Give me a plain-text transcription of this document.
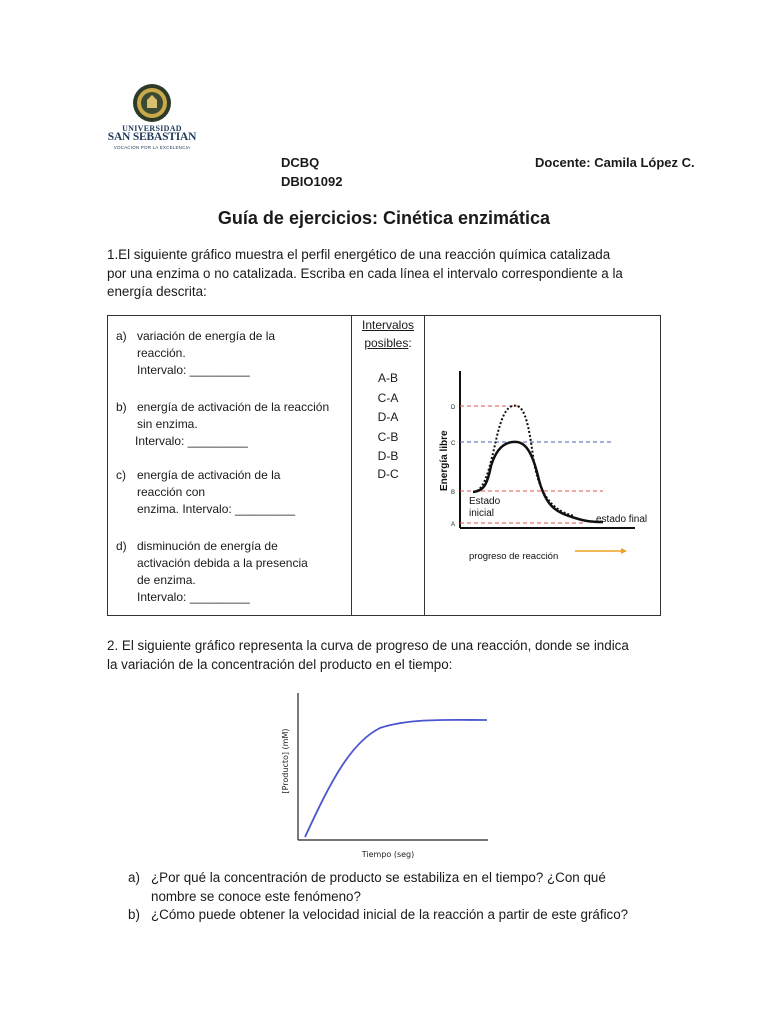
UNIVERSIDAD
SAN SEBASTIAN
VOCACIÓN POR LA EXCELENCIA
DCBQ
DBIO1092
Docente: Camila López C.
Guía de ejercicios: Cinética enzimática
1.El siguiente gráfico muestra el perfil energético de una reacción química catalizada
por una enzima o no catalizada. Escriba en cada línea el intervalo correspondiente a la
energía descrita:
a) variación de energía de la
reacción.
Intervalo: _________
b) energía de activación de la reacción
sin enzima.
Intervalo: _________
c) energía de activación de la
reacción con
enzima. Intervalo: _________
d) disminución de energía de
activación debida a la presencia
de enzima.
Intervalo: _________

Intervalos
posibles:
A-B
C-A
D-A
C-B
D-B
D-C

D
C
B
A
Energía libre
Estado
inicial
estado final
progreso de reacción
2. El siguiente gráfico representa la curva de progreso de una reacción, donde se indica
la variación de la concentración del producto en el tiempo:
[Producto] (mM)
Tiempo (seg)
a) ¿Por qué la concentración de producto se estabiliza en el tiempo? ¿Con qué
nombre se conoce este fenómeno?
b) ¿Cómo puede obtener la velocidad inicial de la reacción a partir de este gráfico?
